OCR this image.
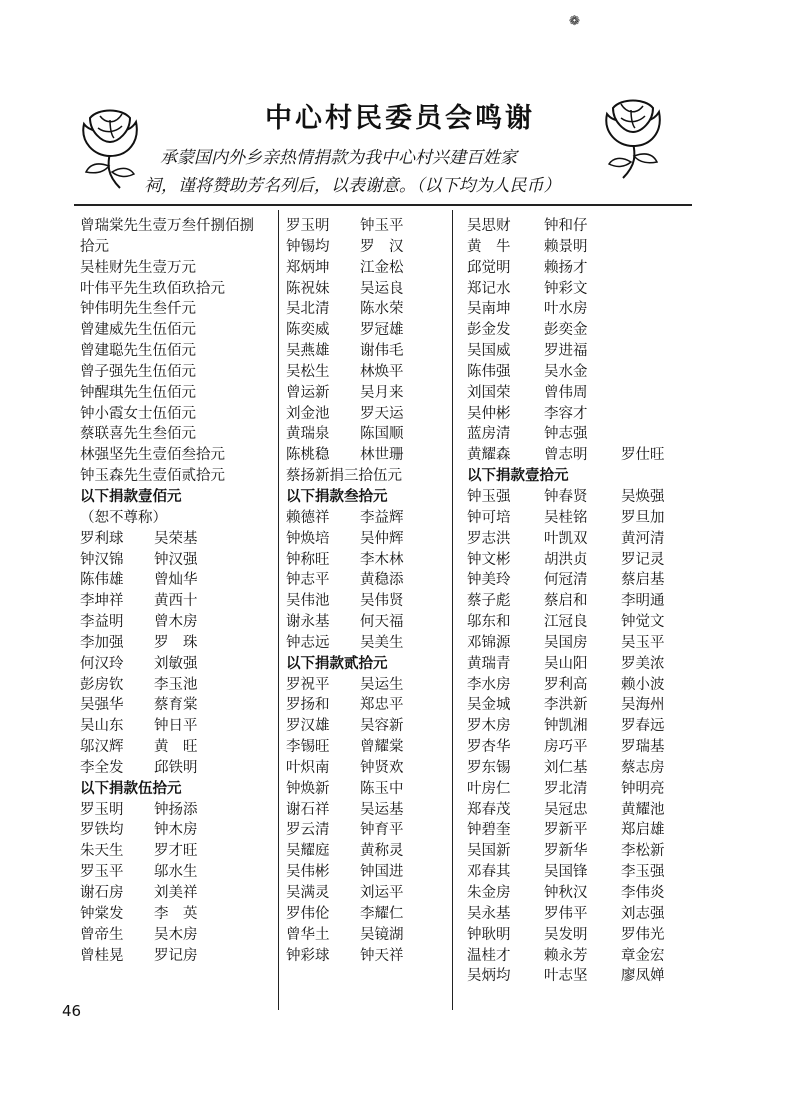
❁
中心村民委员会鸣谢

承蒙国内外乡亲热情捐款为我中心村兴建百姓家

祠，谨将赞助芳名列后，以表谢意。（以下均为人民币）

曾瑞棠先生壹万叁仟捌佰捌
拾元
吴桂财先生壹万元
叶伟平先生玖佰玖拾元
钟伟明先生叁仟元
曾建威先生伍佰元
曾建聪先生伍佰元
曾子强先生伍佰元
钟醒琪先生伍佰元
钟小霞女士伍佰元
蔡联喜先生叁佰元
林强坚先生壹佰叁拾元
钟玉森先生壹佰贰拾元
以下捐款壹佰元
（恕不尊称）
罗利球 吴荣基
钟汉锦 钟汉强
陈伟雄 曾灿华
李坤祥 黄西十
李益明 曾木房
李加强 罗　珠
何汉玲 刘敏强
彭房钦 李玉池
吴强华 蔡育棠
吴山东 钟日平
邬汉辉 黄　旺
李全发 邱铁明
以下捐款伍拾元
罗玉明 钟扬添
罗铁均 钟木房
朱天生 罗才旺
罗玉平 邬水生
谢石房 刘美祥
钟棠发 李　英
曾帝生 吴木房
曾桂晃 罗记房
罗玉明 钟玉平
钟锡均 罗　汉
郑炳坤 江金松
陈祝妹 吴运良
吴北清 陈水荣
陈奕威 罗冠雄
吴燕雄 谢伟毛
吴松生 林焕平
曾运新 吴月来
刘金池 罗天运
黄瑞泉 陈国顺
陈桃稳 林世珊
蔡扬新捐三拾伍元
以下捐款叁拾元
赖德祥 李益辉
钟焕培 吴仲辉
钟称旺 李木林
钟志平 黄稳添
吴伟池 吴伟贤
谢永基 何天福
钟志远 吴美生
以下捐款贰拾元
罗祝平 吴运生
罗扬和 郑忠平
罗汉雄 吴容新
李锡旺 曾耀棠
叶炽南 钟贤欢
钟焕新 陈玉中
谢石祥 吴运基
罗云清 钟育平
吴耀庭 黄称灵
吴伟彬 钟国进
吴满灵 刘运平
罗伟伦 李耀仁
曾华土 吴镜湖
钟彩球 钟天祥
吴思财 钟和仔
黄　牛 赖景明
邱觉明 赖扬才
郑记水 钟彩文
吴南坤 叶水房
彭金发 彭奕金
吴国威 罗进福
陈伟强 吴水金
刘国荣 曾伟周
吴仲彬 李容才
蓝房清 钟志强
黄耀森 曾志明 罗仕旺
以下捐款壹拾元
钟玉强 钟春贤 吴焕强
钟可培 吴桂铭 罗旦加
罗志洪 叶凯双 黄河清
钟文彬 胡洪贞 罗记灵
钟美玲 何冠清 蔡启基
蔡子彪 蔡启和 李明通
邬东和 江冠良 钟觉文
邓锦源 吴国房 吴玉平
黄瑞青 吴山阳 罗美浓
李水房 罗利高 赖小波
吴金城 李洪新 吴海州
罗木房 钟凯湘 罗春远
罗杏华 房巧平 罗瑞基
罗东锡 刘仁基 蔡志房
叶房仁 罗北清 钟明亮
郑春茂 吴冠忠 黄耀池
钟碧奎 罗新平 郑启雄
吴国新 罗新华 李松新
邓春其 吴国锋 李玉强
朱金房 钟秋汉 李伟炎
吴永基 罗伟平 刘志强
钟耿明 吴发明 罗伟光
温桂才 赖永芳 章金宏
吴炳均 叶志坚 廖凤婵
46
